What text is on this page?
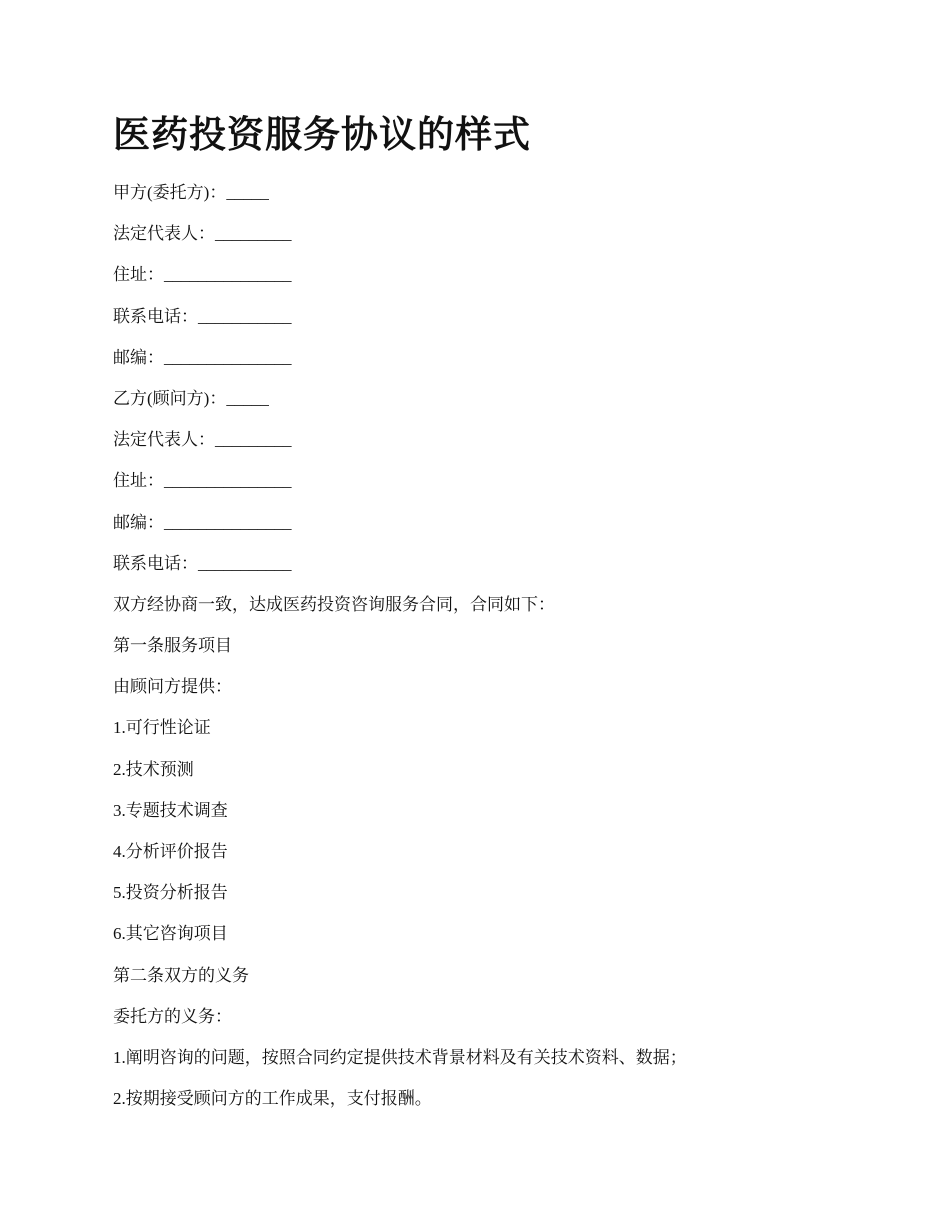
医药投资服务协议的样式
甲方(委托方)：_____
法定代表人：_________
住址：_______________
联系电话：___________
邮编：_______________
乙方(顾问方)：_____
法定代表人：_________
住址：_______________
邮编：_______________
联系电话：___________
双方经协商一致，达成医药投资咨询服务合同，合同如下：
第一条服务项目
由顾问方提供：
1.可行性论证
2.技术预测
3.专题技术调查
4.分析评价报告
5.投资分析报告
6.其它咨询项目
第二条双方的义务
委托方的义务：
1.阐明咨询的问题，按照合同约定提供技术背景材料及有关技术资料、数据；
2.按期接受顾问方的工作成果，支付报酬。
